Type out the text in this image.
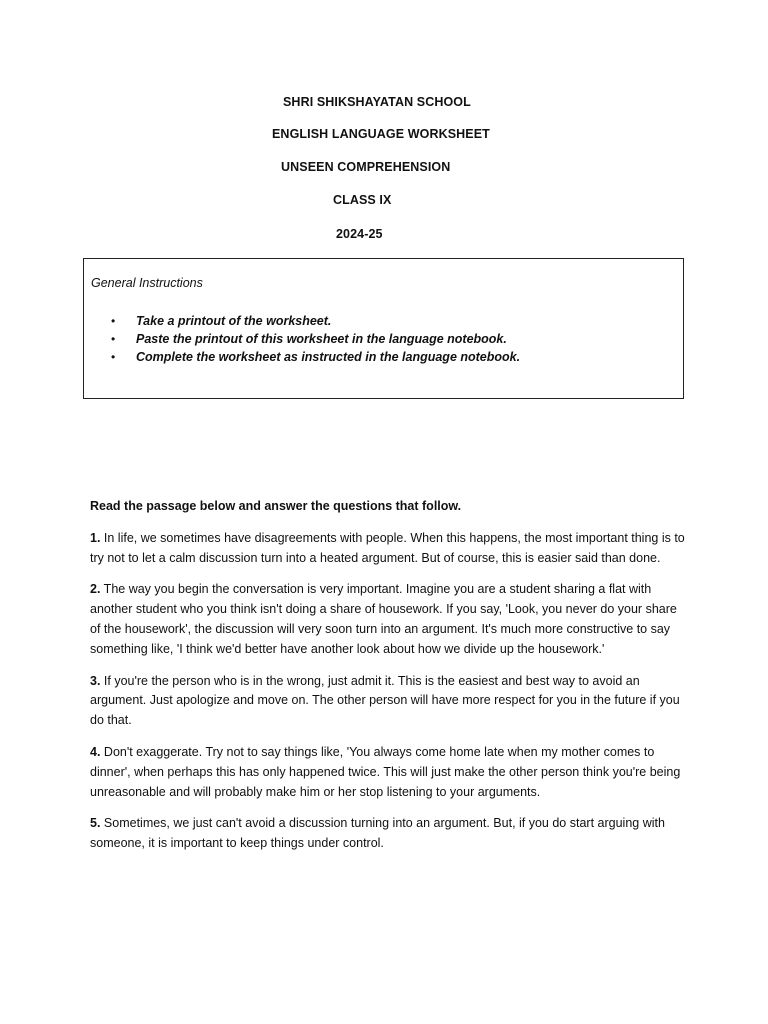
SHRI SHIKSHAYATAN SCHOOL
ENGLISH LANGUAGE WORKSHEET
UNSEEN COMPREHENSION
CLASS IX
2024-25
General Instructions
• Take a printout of the worksheet.
• Paste the printout of this worksheet in the language notebook.
• Complete the worksheet as instructed in the language notebook.

Read the passage below and answer the questions that follow.

1. In life, we sometimes have disagreements with people. When this happens, the most important thing is to try not to let a calm discussion turn into a heated argument. But of course, this is easier said than done.

2. The way you begin the conversation is very important. Imagine you are a student sharing a flat with another student who you think isn't doing a share of housework. If you say, 'Look, you never do your share of the housework', the discussion will very soon turn into an argument. It's much more constructive to say something like, 'I think we'd better have another look about how we divide up the housework.'

3. If you're the person who is in the wrong, just admit it. This is the easiest and best way to avoid an argument. Just apologize and move on. The other person will have more respect for you in the future if you do that.

4. Don't exaggerate. Try not to say things like, 'You always come home late when my mother comes to dinner', when perhaps this has only happened twice. This will just make the other person think you're being unreasonable and will probably make him or her stop listening to your arguments.

5. Sometimes, we just can't avoid a discussion turning into an argument. But, if you do start arguing with someone, it is important to keep things under control.
